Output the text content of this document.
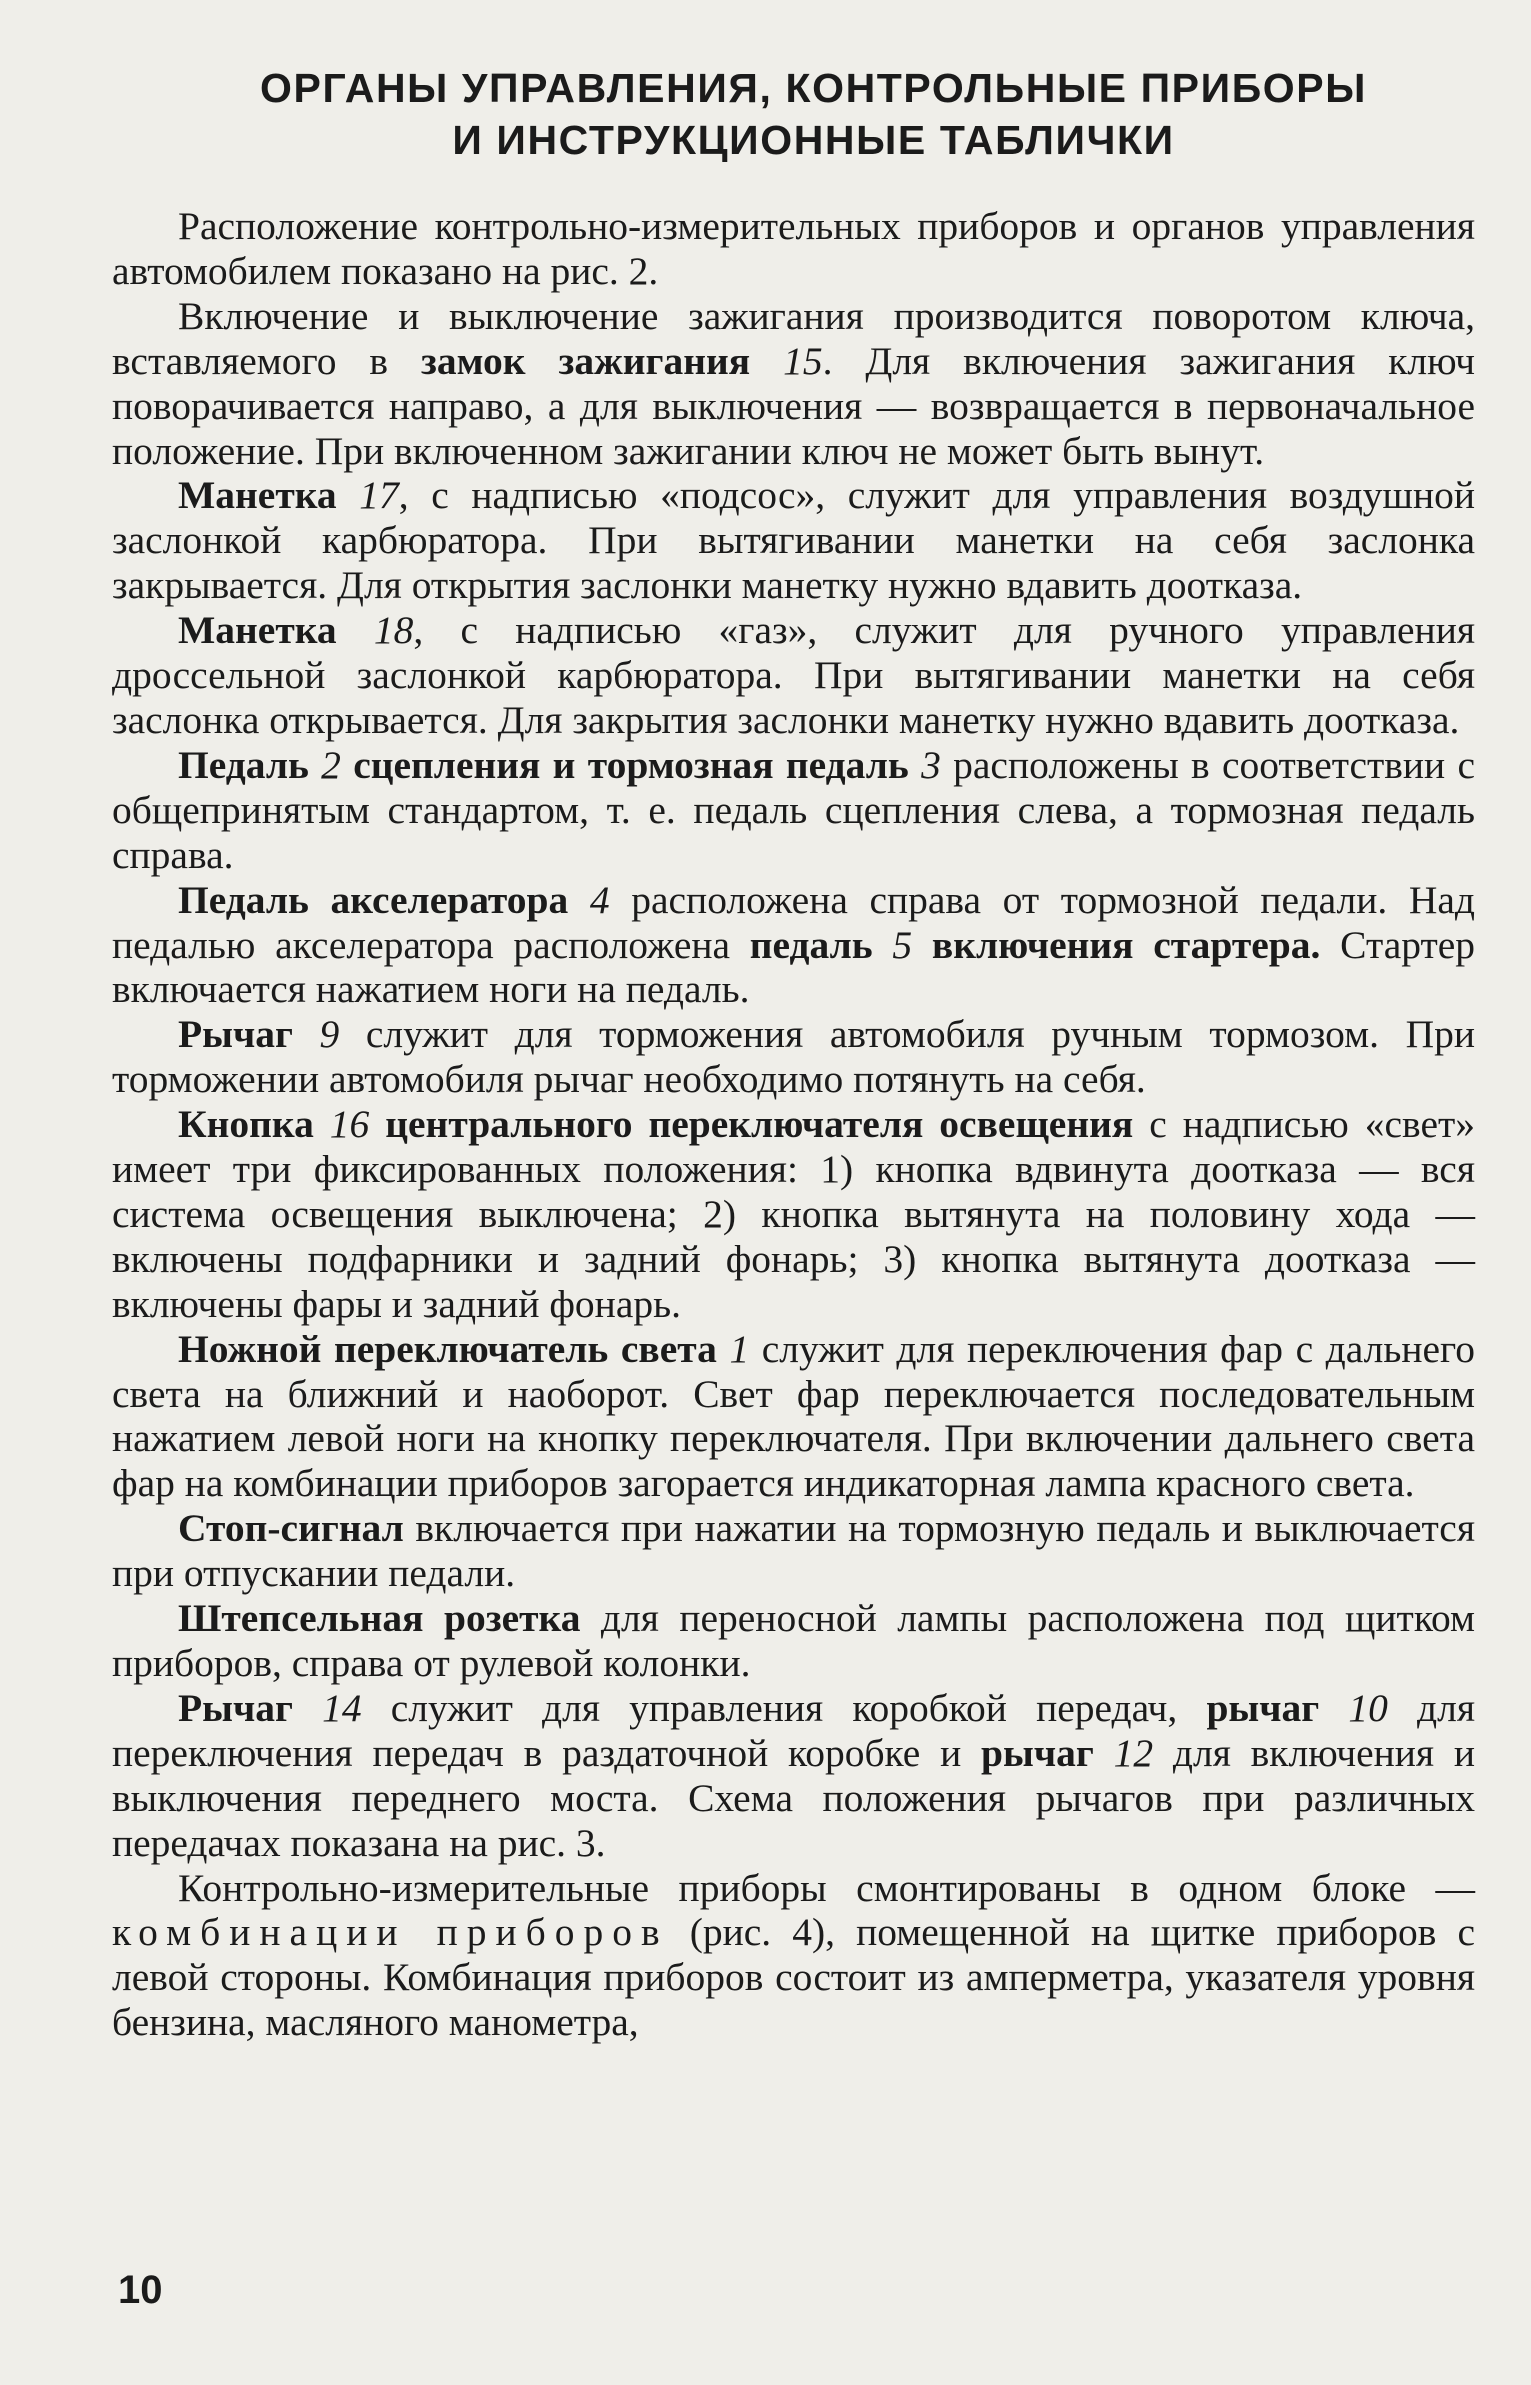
ОРГАНЫ УПРАВЛЕНИЯ, КОНТРОЛЬНЫЕ ПРИБОРЫ
И ИНСТРУКЦИОННЫЕ ТАБЛИЧКИ

Расположение контрольно-измерительных приборов и органов управления автомобилем показано на рис. 2.

Включение и выключение зажигания производится поворотом ключа, вставляемого в замок зажигания 15. Для включения зажигания ключ поворачивается направо, а для выключения — возвращается в первоначальное положение. При включенном зажигании ключ не может быть вынут.

Манетка 17, с надписью «подсос», служит для управления воздушной заслонкой карбюратора. При вытягивании манетки на себя заслонка закрывается. Для открытия заслонки манетку нужно вдавить доотказа.

Манетка 18, с надписью «газ», служит для ручного управления дроссельной заслонкой карбюратора. При вытягивании манетки на себя заслонка открывается. Для закрытия заслонки манетку нужно вдавить доотказа.

Педаль 2 сцепления и тормозная педаль 3 расположены в соответствии с общепринятым стандартом, т. е. педаль сцепления слева, а тормозная педаль справа.

Педаль акселератора 4 расположена справа от тормозной педали. Над педалью акселератора расположена педаль 5 включения стартера. Стартер включается нажатием ноги на педаль.

Рычаг 9 служит для торможения автомобиля ручным тормозом. При торможении автомобиля рычаг необходимо потянуть на себя.

Кнопка 16 центрального переключателя освещения с надписью «свет» имеет три фиксированных положения: 1) кнопка вдвинута доотказа — вся система освещения выключена; 2) кнопка вытянута на половину хода — включены подфарники и задний фонарь; 3) кнопка вытянута доотказа — включены фары и задний фонарь.

Ножной переключатель света 1 служит для переключения фар с дальнего света на ближний и наоборот. Свет фар переключается последовательным нажатием левой ноги на кнопку переключателя. При включении дальнего света фар на комбинации приборов загорается индикаторная лампа красного света.

Стоп-сигнал включается при нажатии на тормозную педаль и выключается при отпускании педали.

Штепсельная розетка для переносной лампы расположена под щитком приборов, справа от рулевой колонки.

Рычаг 14 служит для управления коробкой передач, рычаг 10 для переключения передач в раздаточной коробке и рычаг 12 для включения и выключения переднего моста. Схема положения рычагов при различных передачах показана на рис. 3.

Контрольно-измерительные приборы смонтированы в одном блоке — комбинации приборов (рис. 4), помещенной на щитке приборов с левой стороны. Комбинация приборов состоит из амперметра, указателя уровня бензина, масляного манометра,

10
